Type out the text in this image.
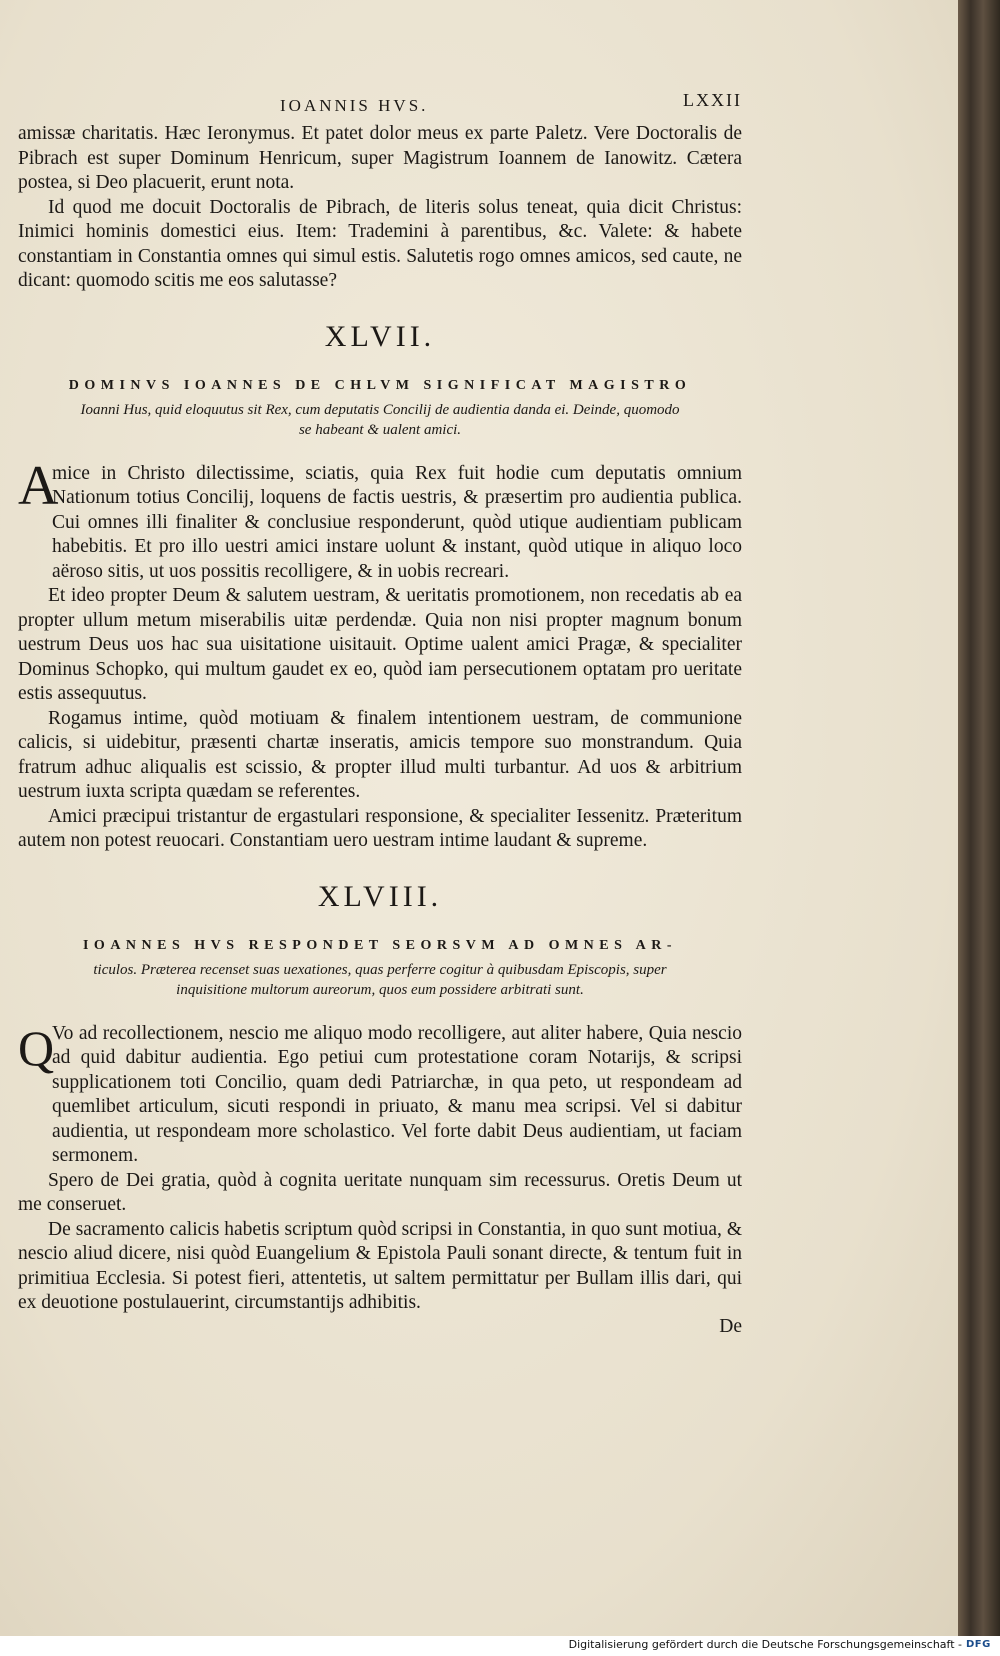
IOANNIS HVS.	LXXII

amissæ charitatis. Hæc Ieronymus. Et patet dolor meus ex parte Paletz. Vere Doctoralis de Pibrach est super Dominum Henricum, super Magistrum Ioannem de Ianowitz. Cætera postea, si Deo placuerit, erunt nota.

Id quod me docuit Doctoralis de Pibrach, de literis solus teneat, quia dicit Christus: Inimici hominis domestici eius. Item: Trademini à parentibus, &c. Valete: & habete constantiam in Constantia omnes qui simul estis. Salutetis rogo omnes amicos, sed caute, ne dicant: quomodo scitis me eos salutasse?

XLVII.
DOMINVS IOANNES DE CHLVM SIGNIFICAT MAGISTRO
Ioanni Hus, quid eloquutus sit Rex, cum deputatis Concilij de audientia danda ei. Deinde, quomodo se habeant & ualent amici.
A

mice in Christo dilectissime, sciatis, quia Rex fuit hodie cum deputatis omnium Nationum totius Concilij, loquens de factis uestris, & præsertim pro audientia publica. Cui omnes illi finaliter & conclusiue responderunt, quòd utique audientiam publicam habebitis. Et pro illo uestri amici instare uolunt & instant, quòd utique in aliquo loco aëroso sitis, ut uos possitis recolligere, & in uobis recreari.

Et ideo propter Deum & salutem uestram, & ueritatis promotionem, non recedatis ab ea propter ullum metum miserabilis uitæ perdendæ. Quia non nisi propter magnum bonum uestrum Deus uos hac sua uisitatione uisitauit. Optime ualent amici Pragæ, & specialiter Dominus Schopko, qui multum gaudet ex eo, quòd iam persecutionem optatam pro ueritate estis assequutus.

Rogamus intime, quòd motiuam & finalem intentionem uestram, de communione calicis, si uidebitur, præsenti chartæ inseratis, amicis tempore suo monstrandum. Quia fratrum adhuc aliqualis est scissio, & propter illud multi turbantur. Ad uos & arbitrium uestrum iuxta scripta quædam se referentes.

Amici præcipui tristantur de ergastulari responsione, & specialiter Iessenitz. Præteritum autem non potest reuocari. Constantiam uero uestram intime laudant & supreme.

XLVIII.
IOANNES HVS RESPONDET SEORSVM AD OMNES AR-
ticulos. Præterea recenset suas uexationes, quas perferre cogitur à quibusdam Episcopis, super inquisitione multorum aureorum, quos eum possidere arbitrati sunt.
Q

Vo ad recollectionem, nescio me aliquo modo recolligere, aut aliter habere, Quia nescio ad quid dabitur audientia. Ego petiui cum protestatione coram Notarijs, & scripsi supplicationem toti Concilio, quam dedi Patriarchæ, in qua peto, ut respondeam ad quemlibet articulum, sicuti respondi in priuato, & manu mea scripsi. Vel si dabitur audientia, ut respondeam more scholastico. Vel forte dabit Deus audientiam, ut faciam sermonem.

Spero de Dei gratia, quòd à cognita ueritate nunquam sim recessurus. Oretis Deum ut me conseruet.

De sacramento calicis habetis scriptum quòd scripsi in Constantia, in quo sunt motiua, & nescio aliud dicere, nisi quòd Euangelium & Epistola Pauli sonant directe, & tentum fuit in primitiua Ecclesia. Si potest fieri, attentetis, ut saltem permittatur per Bullam illis dari, qui ex deuotione postulauerint, circumstantijs adhibitis.

De
Digitalisierung gefördert durch die Deutsche Forschungsgemeinschaft - DFG
